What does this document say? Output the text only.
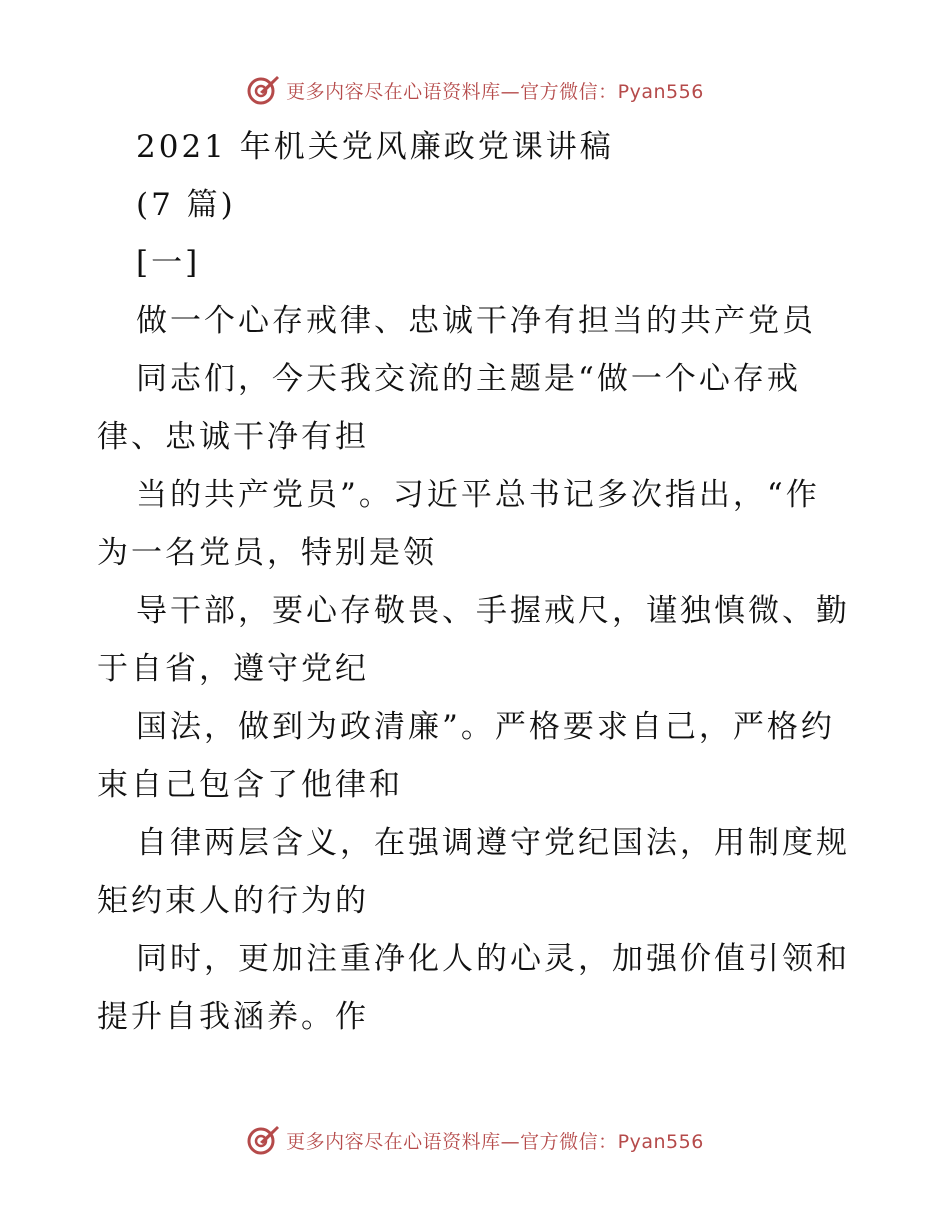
更多内容尽在心语资料库—官方微信：Pyan556
2021 年机关党风廉政党课讲稿
(7 篇)
[一]
做一个心存戒律、忠诚干净有担当的共产党员
同志们，今天我交流的主题是“做一个心存戒
律、忠诚干净有担
当的共产党员”。习近平总书记多次指出，“作
为一名党员，特别是领
导干部，要心存敬畏、手握戒尺，谨独慎微、勤
于自省，遵守党纪
国法，做到为政清廉”。严格要求自己，严格约
束自己包含了他律和
自律两层含义，在强调遵守党纪国法，用制度规
矩约束人的行为的
同时，更加注重净化人的心灵，加强价值引领和
提升自我涵养。作
更多内容尽在心语资料库—官方微信：Pyan556
